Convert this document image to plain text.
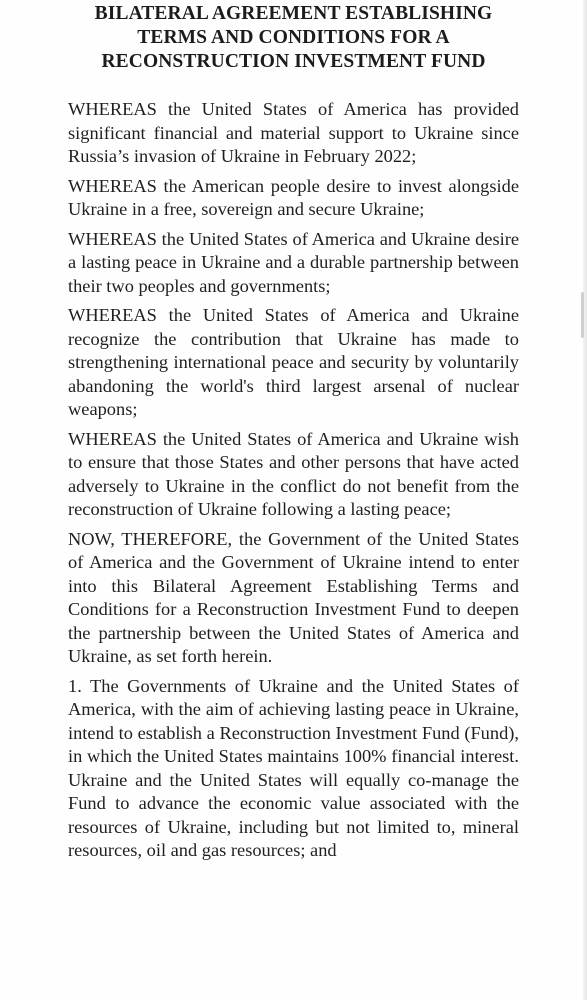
BILATERAL AGREEMENT ESTABLISHING
TERMS AND CONDITIONS FOR A
RECONSTRUCTION INVESTMENT FUND

WHEREAS the United States of America has provided significant financial and material support to Ukraine since Russia’s invasion of Ukraine in February 2022;

WHEREAS the American people desire to invest alongside Ukraine in a free, sovereign and secure Ukraine;

WHEREAS the United States of America and Ukraine desire a lasting peace in Ukraine and a durable partnership between their two peoples and governments;

WHEREAS the United States of America and Ukraine recognize the contribution that Ukraine has made to strengthening international peace and security by voluntarily abandoning the world's third largest arsenal of nuclear weapons;

WHEREAS the United States of America and Ukraine wish to ensure that those States and other persons that have acted adversely to Ukraine in the conflict do not benefit from the reconstruction of Ukraine following a lasting peace;

NOW, THEREFORE, the Government of the United States of America and the Government of Ukraine intend to enter into this Bilateral Agreement Establishing Terms and Conditions for a Reconstruction Investment Fund to deepen the partnership between the United States of America and Ukraine, as set forth herein.

1. The Governments of Ukraine and the United States of America, with the aim of achieving lasting peace in Ukraine, intend to establish a Reconstruction Investment Fund (Fund), in which the United States maintains 100% financial interest. Ukraine and the United States will equally co-manage the Fund to advance the economic value associated with the resources of Ukraine, including but not limited to, mineral resources, oil and gas resources; and
